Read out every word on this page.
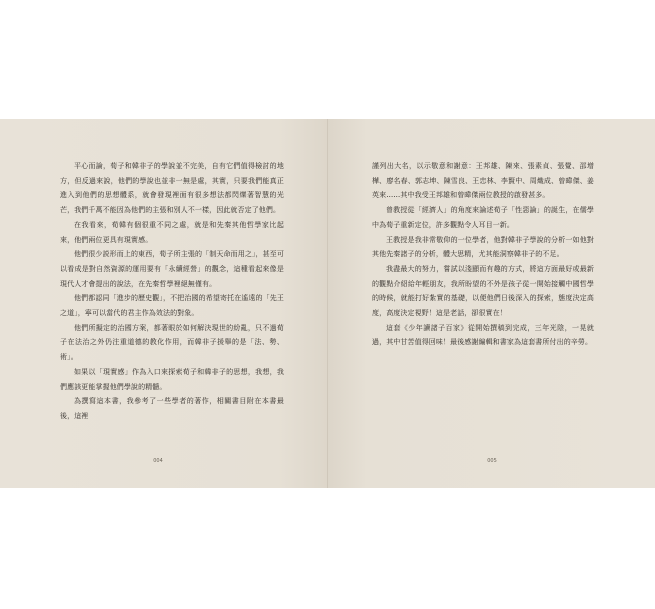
平心而論，荀子和韓非子的學說並不完美，自有它們值得檢討的地方，但反過來說，他們的學說也並非一無是處，其實，只要我們能真正進入到他們的思想體系，就會發現裡面有很多想法都閃爍著智慧的光芒，我們千萬不能因為他們的主張和別人不一樣，因此就否定了他們。

在我看來，荀韓有個很重不同之處，就是和先秦其他哲學家比起來，他們兩位更具有現實感。

他們很少説形而上的東西，荀子所主張的「制天命而用之」，甚至可以看成是對自然資源的運用要有「永續經營」的觀念，這種看起來像是現代人才會提出的說法，在先秦哲學裡絕無僅有。

他們都認同「進步的歷史觀」，不把治國的希望寄托在遙遠的「先王之道」，寧可以當代的君主作為效法的對象。

他們所擬定的治國方案，都著眼於如何解決現世的紛亂，只不過荀子在法治之外仍注重道德的教化作用，而韓非子援舉的是「法、勢、術」。

如果以「現實感」作為入口來探索荀子和韓非子的思想，我想，我們應該更能掌握他們學說的精髓。

為撰寫這本書，我參考了一些學者的著作，相關書目附在本書最後，這裡

004

謹列出大名，以示敬意和謝意：王邦雄、陳來、張素貞、張覺、邵增樺、廖名春、郭志坤、陳雪良、王忠林、李賢中、周熾成、曾暐傑、姜英來……其中我受王邦雄和曾暐傑兩位教授的啟發甚多。

曾教授從「經濟人」的角度來論述荀子「性惡論」的誕生，在儒學中為荀子重新定位，許多觀點令人耳目一新。

王教授是我非常敬仰的一位學者，他對韓非子學說的分析一如他對其他先秦諸子的分析，體大思精，尤其能洞察韓非子的不足。

我盡最大的努力，嘗試以淺顯而有趣的方式，將這方面最好或最新的觀點介紹給年輕朋友，我所盼望的不外是孩子從一開始接觸中國哲學的時候，就能打好紮實的基礎，以便他們日後深入的探索，態度決定高度，高度決定視野！這是老話，卻很實在！

這套《少年讀諸子百家》從開始撰稿到完成，三年光陰，一晃就過，其中甘苦值得回味！最後感謝編輯和書家為這套書所付出的辛勞。

005
